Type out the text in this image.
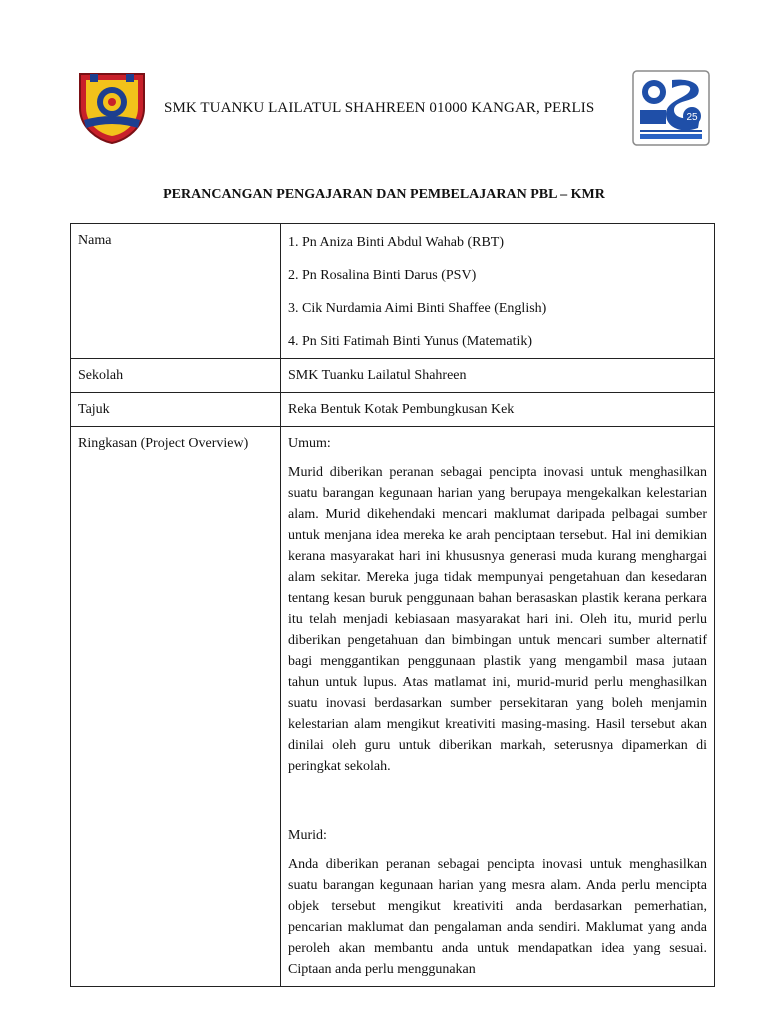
SMK TUANKU LAILATUL SHAHREEN 01000 KANGAR, PERLIS
25
PERANCANGAN PENGAJARAN DAN PEMBELAJARAN PBL – KMR
Nama	1. Pn Aniza Binti Abdul Wahab (RBT)

2. Pn Rosalina Binti Darus (PSV)

3. Cik Nurdamia Aimi Binti Shaffee (English)

4. Pn Siti Fatimah Binti Yunus (Matematik)

Sekolah	SMK Tuanku Lailatul Shahreen
Tajuk	Reka Bentuk Kotak Pembungkusan Kek
Ringkasan (Project Overview)	Umum:

Murid diberikan peranan sebagai pencipta inovasi untuk menghasilkan suatu barangan kegunaan harian yang berupaya mengekalkan kelestarian alam. Murid dikehendaki mencari maklumat daripada pelbagai sumber untuk menjana idea mereka ke arah penciptaan tersebut. Hal ini demikian kerana masyarakat hari ini khususnya generasi muda kurang menghargai alam sekitar. Mereka juga tidak mempunyai pengetahuan dan kesedaran tentang kesan buruk penggunaan bahan berasaskan plastik kerana perkara itu telah menjadi kebiasaan masyarakat hari ini. Oleh itu, murid perlu diberikan pengetahuan dan bimbingan untuk mencari sumber alternatif bagi menggantikan penggunaan plastik yang mengambil masa jutaan tahun untuk lupus. Atas matlamat ini, murid-murid perlu menghasilkan suatu inovasi berdasarkan sumber persekitaran yang boleh menjamin kelestarian alam mengikut kreativiti masing-masing. Hasil tersebut akan dinilai oleh guru untuk diberikan markah, seterusnya dipamerkan di peringkat sekolah.

Murid:

Anda diberikan peranan sebagai pencipta inovasi untuk menghasilkan suatu barangan kegunaan harian yang mesra alam. Anda perlu mencipta objek tersebut mengikut kreativiti anda berdasarkan pemerhatian, pencarian maklumat dan pengalaman anda sendiri. Maklumat yang anda peroleh akan membantu anda untuk mendapatkan idea yang sesuai. Ciptaan anda perlu menggunakan
